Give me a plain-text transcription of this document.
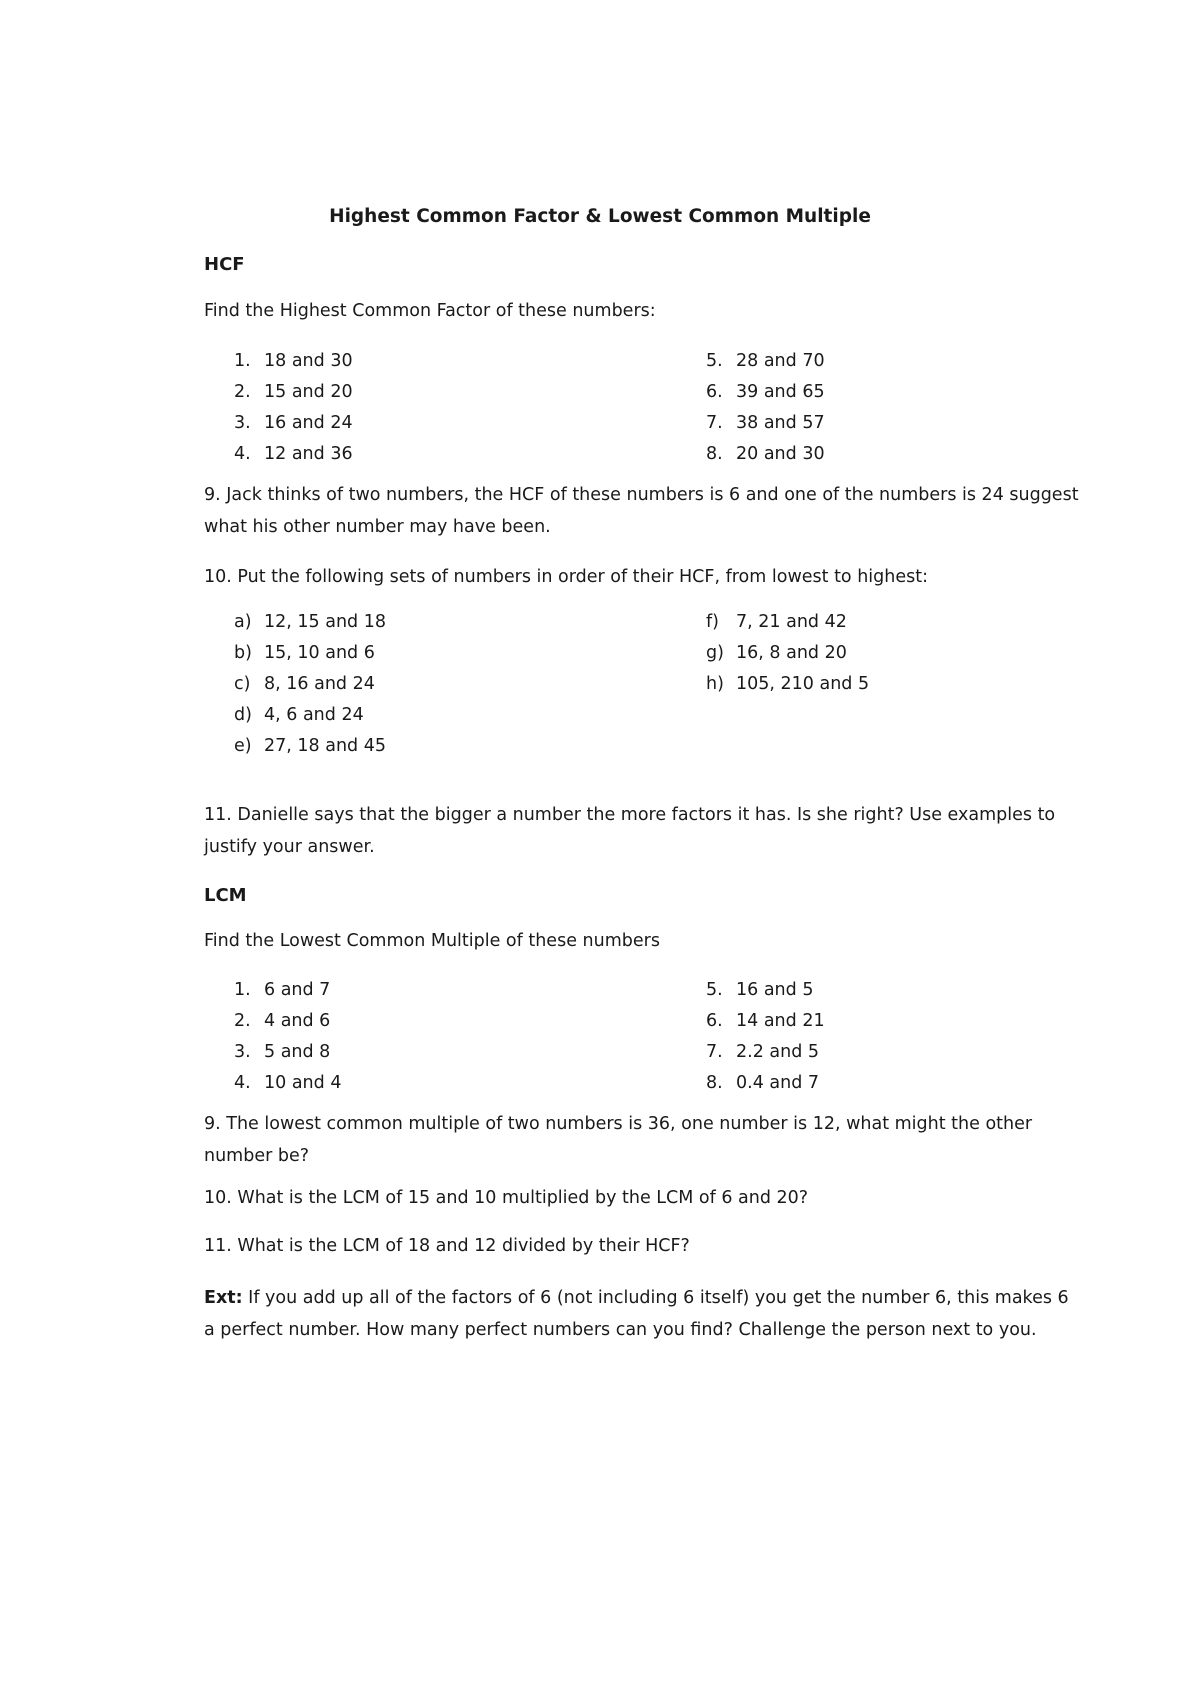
Highest Common Factor & Lowest Common Multiple
HCF
Find the Highest Common Factor of these numbers:
1. 18 and 30
2. 15 and 20
3. 16 and 24
4. 12 and 36
5. 28 and 70
6. 39 and 65
7. 38 and 57
8. 20 and 30
9. Jack thinks of two numbers, the HCF of these numbers is 6 and one of the numbers is 24 suggest what his other number may have been.
10. Put the following sets of numbers in order of their HCF, from lowest to highest:
a) 12, 15 and 18
b) 15, 10 and 6
c) 8, 16 and 24
d) 4, 6 and 24
e) 27, 18 and 45
f) 7, 21 and 42
g) 16, 8 and 20
h) 105, 210 and 5
11. Danielle says that the bigger a number the more factors it has. Is she right? Use examples to justify your answer.
LCM
Find the Lowest Common Multiple of these numbers
1. 6 and 7
2. 4 and 6
3. 5 and 8
4. 10 and 4
5. 16 and 5
6. 14 and 21
7. 2.2 and 5
8. 0.4 and 7
9. The lowest common multiple of two numbers is 36, one number is 12, what might the other number be?
10. What is the LCM of 15 and 10 multiplied by the LCM of 6 and 20?
11. What is the LCM of 18 and 12 divided by their HCF?
Ext: If you add up all of the factors of 6 (not including 6 itself) you get the number 6, this makes 6 a perfect number. How many perfect numbers can you find? Challenge the person next to you.
